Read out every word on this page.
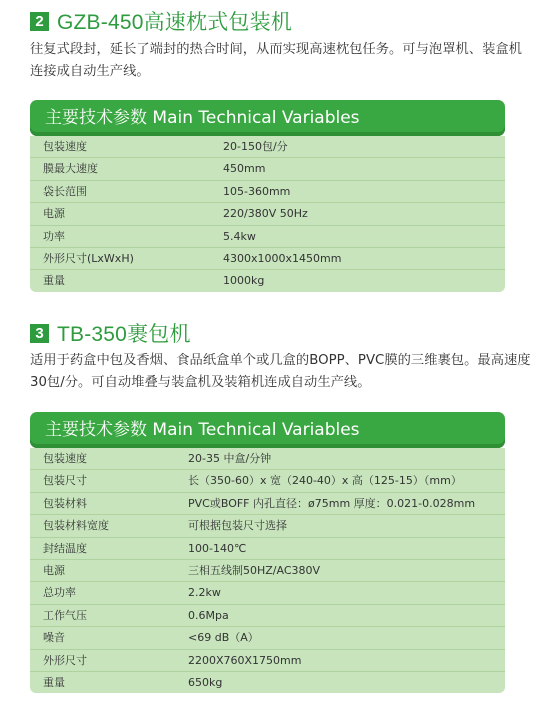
2 GZB-450高速枕式包装机
往复式段封，延长了端封的热合时间，从而实现高速枕包任务。可与泡罩机、装盒机连接成自动生产线。
主要技术参数 Main Technical Variables
包装速度	20-150包/分
膜最大速度	450mm
袋长范围	105-360mm
电源	220/380V 50Hz
功率	5.4kw
外形尺寸(LxWxH)	4300x1000x1450mm
重量	1000kg
3 TB-350裹包机
适用于药盒中包及香烟、食品纸盒单个或几盒的BOPP、PVC膜的三维裹包。最高速度30包/分。可自动堆叠与装盒机及装箱机连成自动生产线。
主要技术参数 Main Technical Variables
包装速度	20-35 中盒/分钟
包装尺寸	长（350-60）x 宽（240-40）x 高（125-15）（mm）
包装材料	PVC或BOFF 内孔直径：ø75mm 厚度：0.021-0.028mm
包装材料宽度	可根据包装尺寸选择
封结温度	100-140℃
电源	三相五线制50HZ/AC380V
总功率	2.2kw
工作气压	0.6Mpa
噪音	<69 dB（A）
外形尺寸	2200X760X1750mm
重量	650kg
